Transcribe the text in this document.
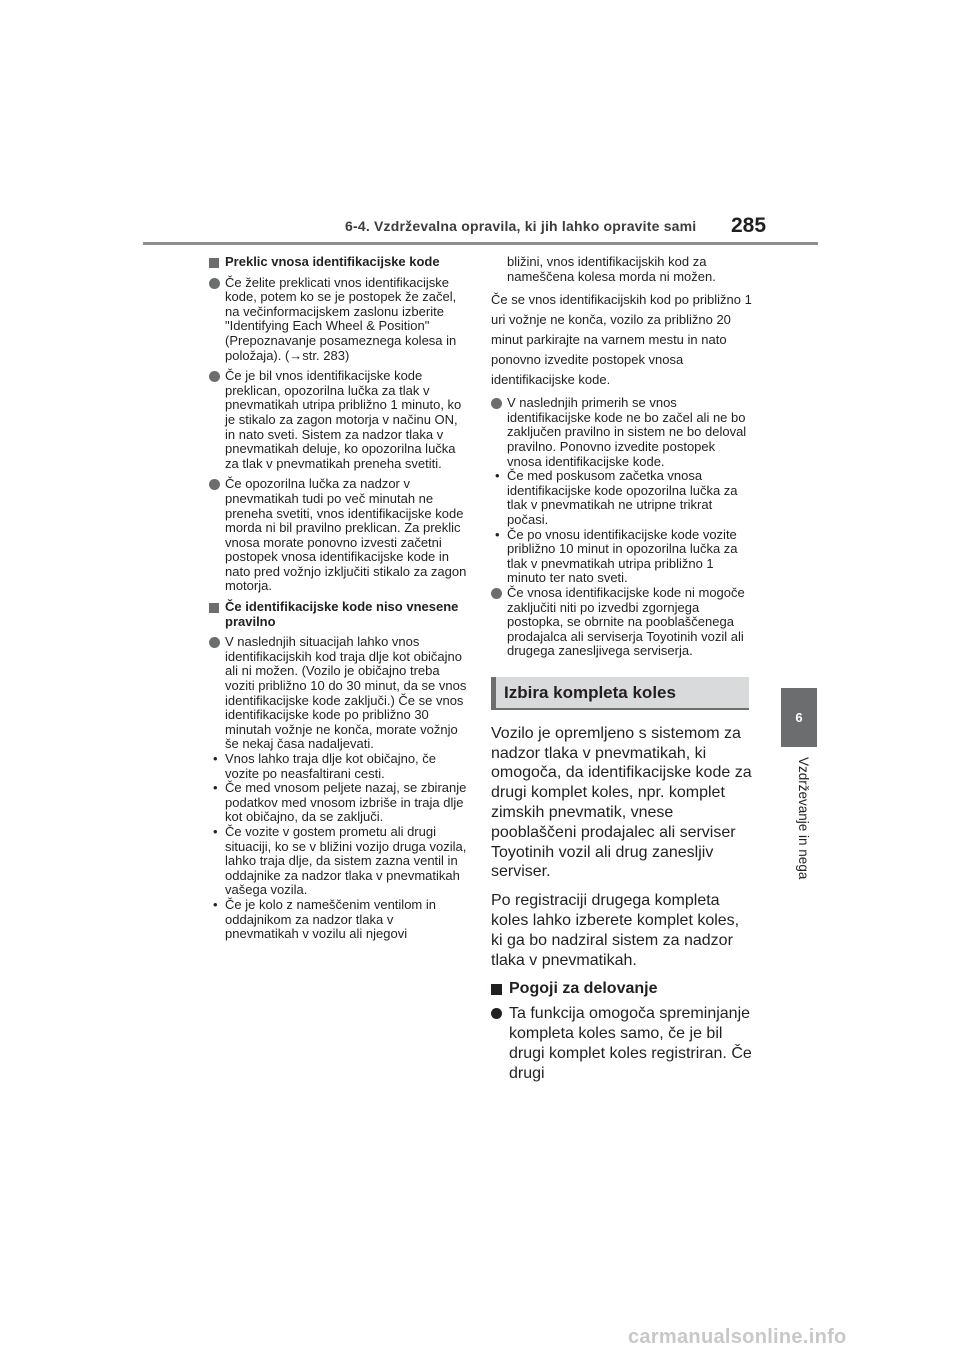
6-4. Vzdrževalna opravila, ki jih lahko opravite sami 285
6
Vzdrževanje in nega
Preklic vnosa identifikacijske kode
Če želite preklicati vnos identifikacijske kode, potem ko se je postopek že začel, na večinformacijskem zaslonu izberite "Identifying Each Wheel & Position" (Prepoznavanje posameznega kolesa in položaja). (→str. 283)
Če je bil vnos identifikacijske kode preklican, opozorilna lučka za tlak v pnevmatikah utripa približno 1 minuto, ko je stikalo za zagon motorja v načinu ON, in nato sveti. Sistem za nadzor tlaka v pnevmatikah deluje, ko opozorilna lučka za tlak v pnevmatikah preneha svetiti.
Če opozorilna lučka za nadzor v pnevmatikah tudi po več minutah ne preneha svetiti, vnos identifikacijske kode morda ni bil pravilno preklican. Za preklic vnosa morate ponovno izvesti začetni postopek vnosa identifikacijske kode in nato pred vožnjo izključiti stikalo za zagon motorja.
Če identifikacijske kode niso vnesene pravilno
V naslednjih situacijah lahko vnos identifikacijskih kod traja dlje kot običajno ali ni možen. (Vozilo je običajno treba voziti približno 10 do 30 minut, da se vnos identifikacijske kode zaključi.) Če se vnos identifikacijske kode po približno 30 minutah vožnje ne konča, morate vožnjo še nekaj časa nadaljevati.
• Vnos lahko traja dlje kot običajno, če vozite po neasfaltirani cesti.
• Če med vnosom peljete nazaj, se zbiranje podatkov med vnosom izbriše in traja dlje kot običajno, da se zaključi.
• Če vozite v gostem prometu ali drugi situaciji, ko se v bližini vozijo druga vozila, lahko traja dlje, da sistem zazna ventil in oddajnike za nadzor tlaka v pnevmatikah vašega vozila.
• Če je kolo z nameščenim ventilom in oddajnikom za nadzor tlaka v pnevmatikah v vozilu ali njegovi
bližini, vnos identifikacijskih kod za nameščena kolesa morda ni možen.
Če se vnos identifikacijskih kod po približno 1 uri vožnje ne konča, vozilo za približno 20 minut parkirajte na varnem mestu in nato ponovno izvedite postopek vnosa identifikacijske kode.
V naslednjih primerih se vnos identifikacijske kode ne bo začel ali ne bo zaključen pravilno in sistem ne bo deloval pravilno. Ponovno izvedite postopek vnosa identifikacijske kode.
• Če med poskusom začetka vnosa identifikacijske kode opozorilna lučka za tlak v pnevmatikah ne utripne trikrat počasi.
• Če po vnosu identifikacijske kode vozite približno 10 minut in opozorilna lučka za tlak v pnevmatikah utripa približno 1 minuto ter nato sveti.
Če vnosa identifikacijske kode ni mogoče zaključiti niti po izvedbi zgornjega postopka, se obrnite na pooblaščenega prodajalca ali serviserja Toyotinih vozil ali drugega zanesljivega serviserja.
Izbira kompleta koles
Vozilo je opremljeno s sistemom za nadzor tlaka v pnevmatikah, ki omogoča, da identifikacijske kode za drugi komplet koles, npr. komplet zimskih pnevmatik, vnese pooblaščeni prodajalec ali serviser Toyotinih vozil ali drug zanesljiv serviser.
Po registraciji drugega kompleta koles lahko izberete komplet koles, ki ga bo nadziral sistem za nadzor tlaka v pnevmatikah.
Pogoji za delovanje
Ta funkcija omogoča spreminjanje kompleta koles samo, če je bil drugi komplet koles registriran. Če drugi
carmanualsonline.info
